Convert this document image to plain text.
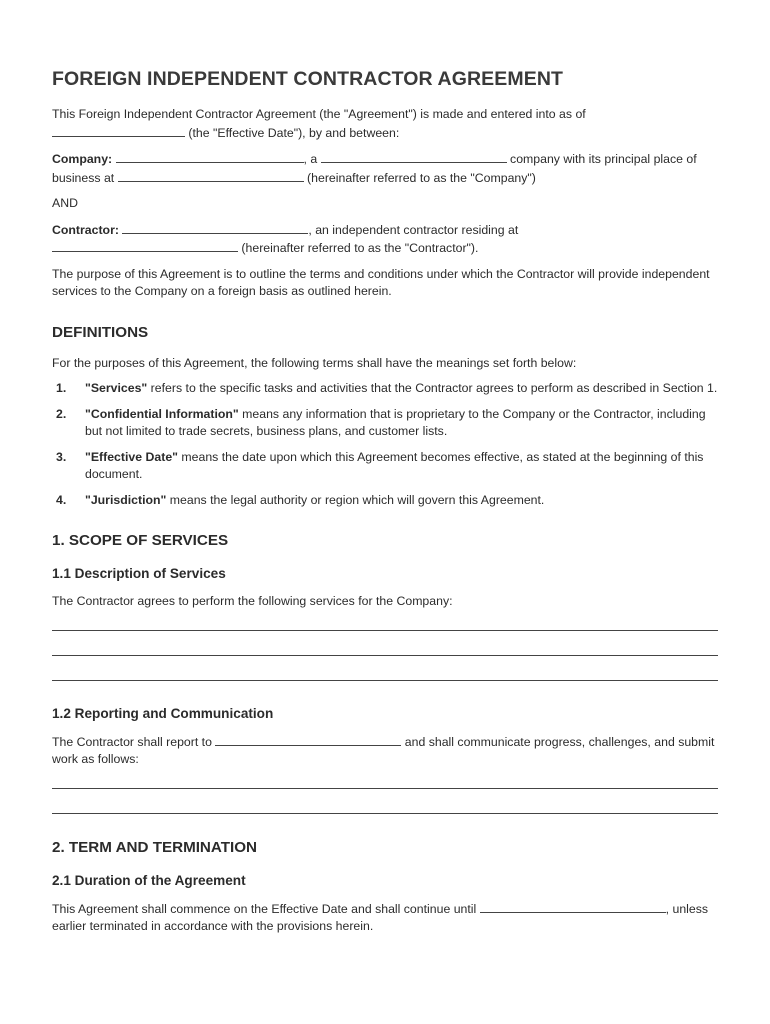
FOREIGN INDEPENDENT CONTRACTOR AGREEMENT

This Foreign Independent Contractor Agreement (the "Agreement") is made and entered into as of
(the "Effective Date"), by and between:

Company:	, a	company with its principal place of business at	(hereinafter referred to as the "Company")

AND

Contractor:	, an independent contractor residing at
(hereinafter referred to as the "Contractor").

The purpose of this Agreement is to outline the terms and conditions under which the Contractor will provide independent services to the Company on a foreign basis as outlined herein.

DEFINITIONS

For the purposes of this Agreement, the following terms shall have the meanings set forth below:

1. "Services" refers to the specific tasks and activities that the Contractor agrees to perform as described in Section 1.
2. "Confidential Information" means any information that is proprietary to the Company or the Contractor, including but not limited to trade secrets, business plans, and customer lists.
3. "Effective Date" means the date upon which this Agreement becomes effective, as stated at the beginning of this document.
4. "Jurisdiction" means the legal authority or region which will govern this Agreement.
1. SCOPE OF SERVICES
1.1 Description of Services

The Contractor agrees to perform the following services for the Company:

1.2 Reporting and Communication

The Contractor shall report to	and shall communicate progress, challenges, and submit work as follows:

2. TERM AND TERMINATION
2.1 Duration of the Agreement

This Agreement shall commence on the Effective Date and shall continue until	, unless earlier terminated in accordance with the provisions herein.
